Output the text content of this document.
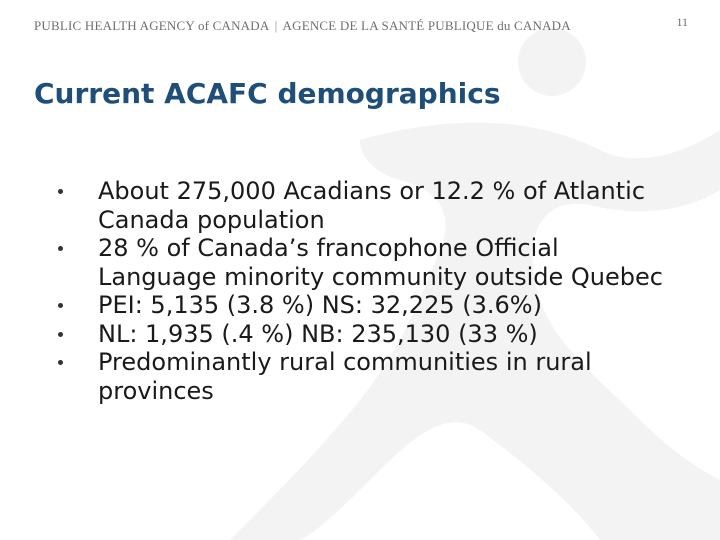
PUBLIC HEALTH AGENCY of CANADA | AGENCE DE LA SANTÉ PUBLIQUE du CANADA	11
Current ACAFC demographics
About 275,000 Acadians or 12.2 % of Atlantic Canada population
28 % of Canada’s francophone Official Language minority community outside Quebec
PEI: 5,135 (3.8 %) NS: 32,225 (3.6%)
NL: 1,935 (.4 %) NB: 235,130 (33 %)
Predominantly rural communities in rural provinces
